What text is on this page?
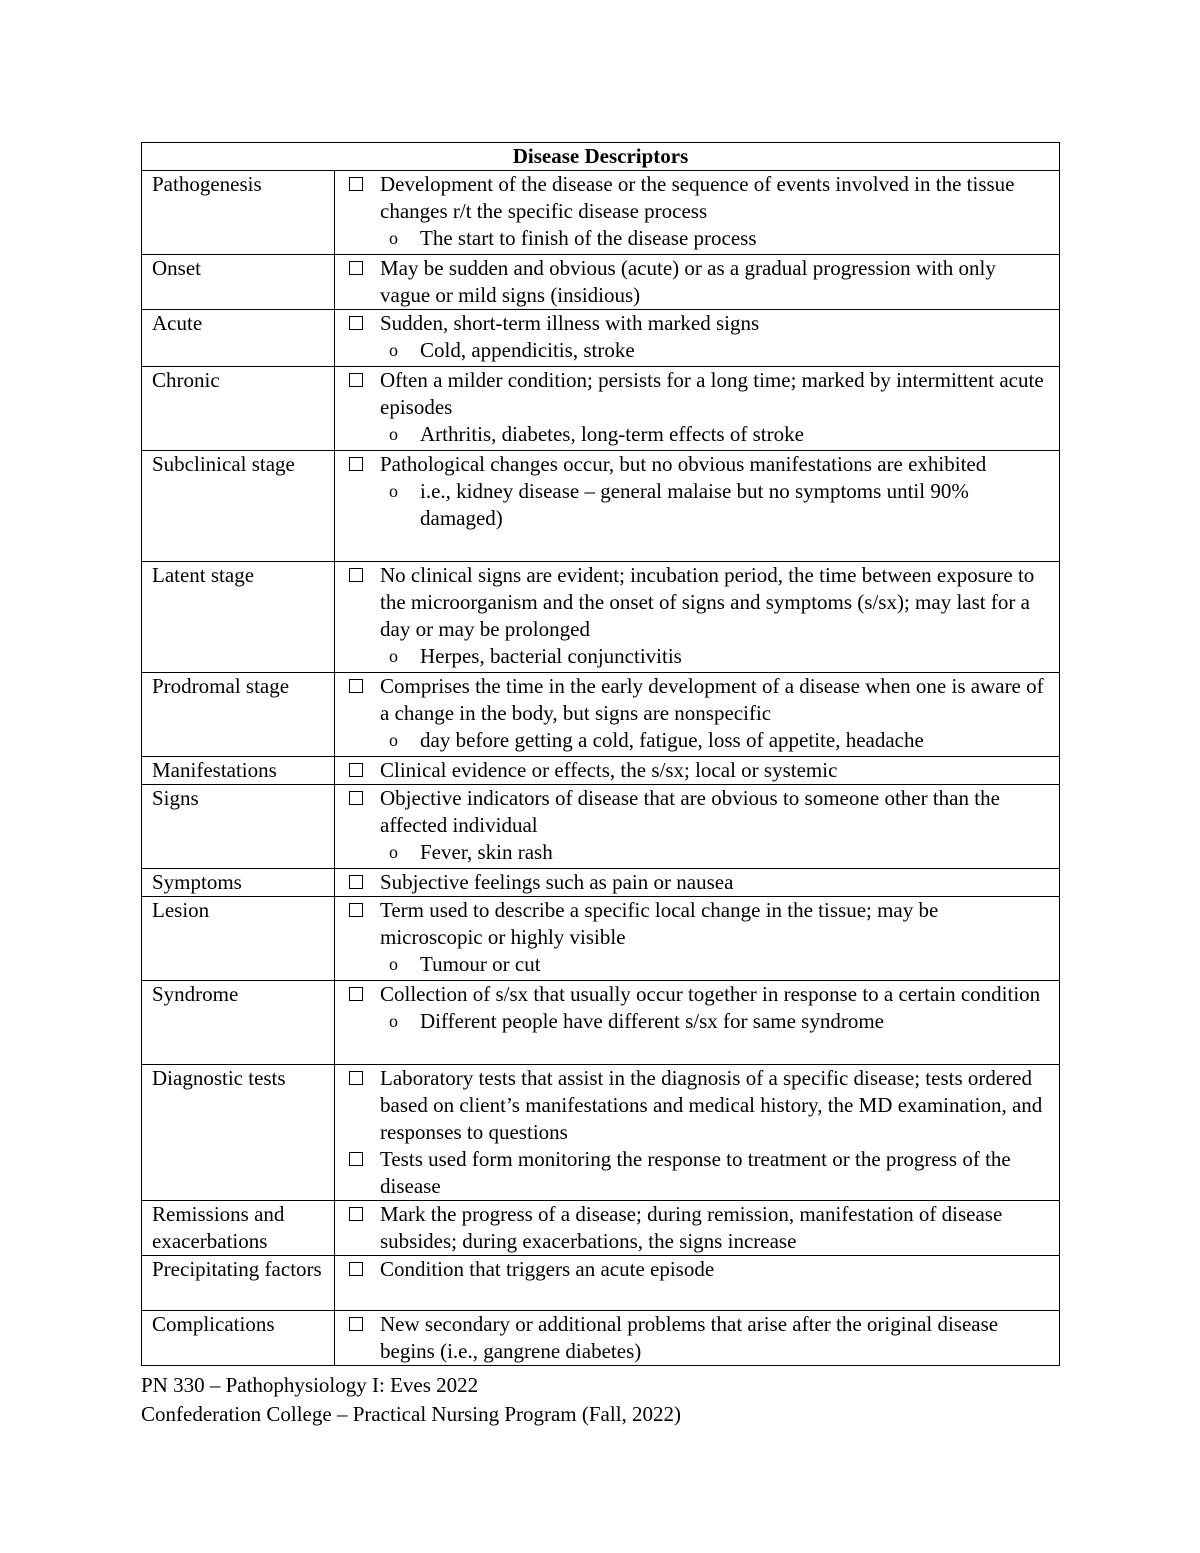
Disease Descriptors	
Pathogenesis	Development of the disease or the sequence of events involved in the tissue changes r/t the specific disease process
o The start to finish of the disease process

Onset	May be sudden and obvious (acute) or as a gradual progression with only vague or mild signs (insidious)

Acute	Sudden, short-term illness with marked signs
o Cold, appendicitis, stroke

Chronic	Often a milder condition; persists for a long time; marked by intermittent acute episodes
o Arthritis, diabetes, long-term effects of stroke

Subclinical stage	Pathological changes occur, but no obvious manifestations are exhibited
o i.e., kidney disease – general malaise but no symptoms until 90% damaged)

Latent stage	No clinical signs are evident; incubation period, the time between exposure to the microorganism and the onset of signs and symptoms (s/sx); may last for a day or may be prolonged
o Herpes, bacterial conjunctivitis

Prodromal stage	Comprises the time in the early development of a disease when one is aware of a change in the body, but signs are nonspecific
o day before getting a cold, fatigue, loss of appetite, headache

Manifestations	Clinical evidence or effects, the s/sx; local or systemic

Signs	Objective indicators of disease that are obvious to someone other than the affected individual
o Fever, skin rash

Symptoms	Subjective feelings such as pain or nausea

Lesion	Term used to describe a specific local change in the tissue; may be microscopic or highly visible
o Tumour or cut

Syndrome	Collection of s/sx that usually occur together in response to a certain condition
o Different people have different s/sx for same syndrome

Diagnostic tests	Laboratory tests that assist in the diagnosis of a specific disease; tests ordered based on client’s manifestations and medical history, the MD examination, and responses to questions
Tests used form monitoring the response to treatment or the progress of the disease

Remissions and exacerbations	Mark the progress of a disease; during remission, manifestation of disease subsides; during exacerbations, the signs increase

Precipitating factors	Condition that triggers an acute episode

Complications	New secondary or additional problems that arise after the original disease begins (i.e., gangrene diabetes)
PN 330 – Pathophysiology I: Eves 2022
Confederation College – Practical Nursing Program (Fall, 2022)
